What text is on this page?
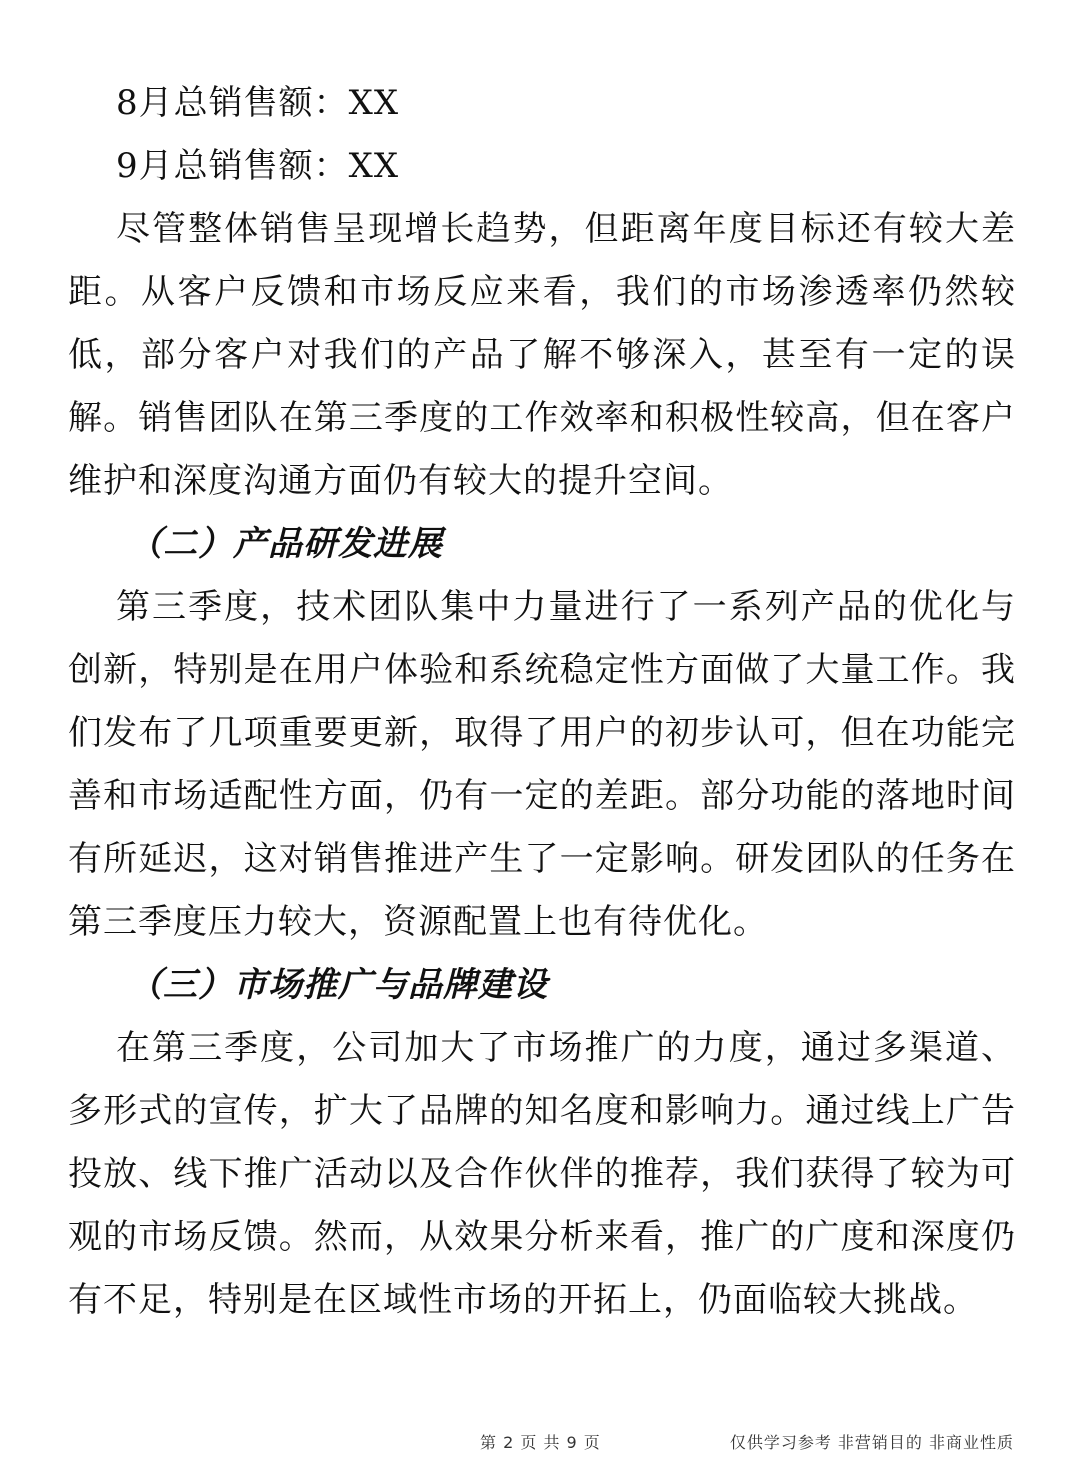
8月总销售额：XX

9月总销售额：XX

尽管整体销售呈现增长趋势，但距离年度目标还有较大差距。从客户反馈和市场反应来看，我们的市场渗透率仍然较低，部分客户对我们的产品了解不够深入，甚至有一定的误解。销售团队在第三季度的工作效率和积极性较高，但在客户维护和深度沟通方面仍有较大的提升空间。

（二）产品研发进展

第三季度，技术团队集中力量进行了一系列产品的优化与创新，特别是在用户体验和系统稳定性方面做了大量工作。我们发布了几项重要更新，取得了用户的初步认可，但在功能完善和市场适配性方面，仍有一定的差距。部分功能的落地时间有所延迟，这对销售推进产生了一定影响。研发团队的任务在第三季度压力较大，资源配置上也有待优化。

（三）市场推广与品牌建设

在第三季度，公司加大了市场推广的力度，通过多渠道、多形式的宣传，扩大了品牌的知名度和影响力。通过线上广告投放、线下推广活动以及合作伙伴的推荐，我们获得了较为可观的市场反馈。然而，从效果分析来看，推广的广度和深度仍有不足，特别是在区域性市场的开拓上，仍面临较大挑战。

第 2 页 共 9 页	仅供学习参考 非营销目的 非商业性质
